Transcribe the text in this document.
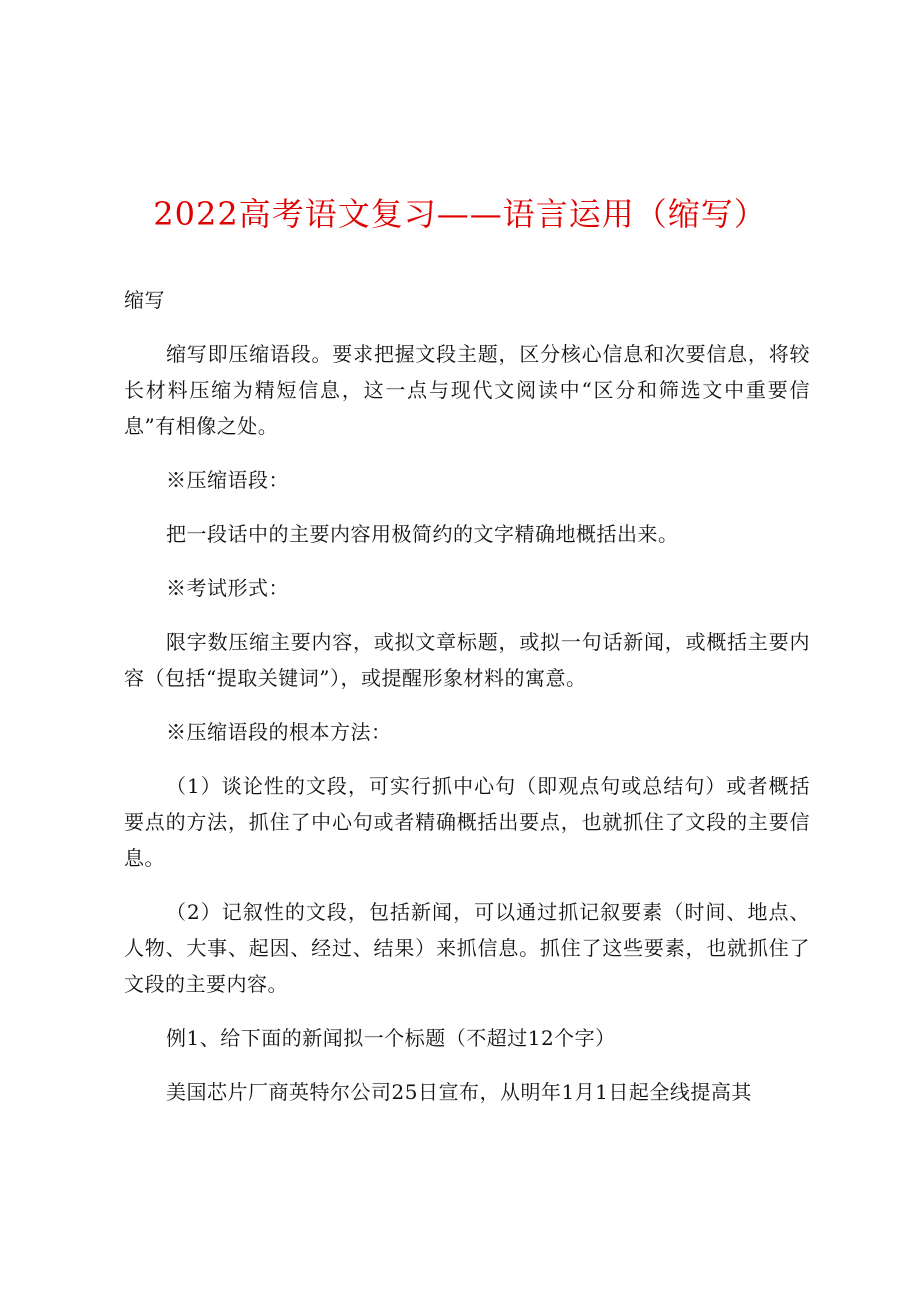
2022高考语文复习——语言运用（缩写）

缩写

缩写即压缩语段。要求把握文段主题，区分核心信息和次要信息，将较长材料压缩为精短信息，这一点与现代文阅读中“区分和筛选文中重要信息”有相像之处。

※压缩语段：

把一段话中的主要内容用极简约的文字精确地概括出来。

※考试形式：

限字数压缩主要内容，或拟文章标题，或拟一句话新闻，或概括主要内容（包括“提取关键词”），或提醒形象材料的寓意。

※压缩语段的根本方法：

（1）谈论性的文段，可实行抓中心句（即观点句或总结句）或者概括要点的方法，抓住了中心句或者精确概括出要点，也就抓住了文段的主要信息。

（2）记叙性的文段，包括新闻，可以通过抓记叙要素（时间、地点、人物、大事、起因、经过、结果）来抓信息。抓住了这些要素，也就抓住了文段的主要内容。

例1、给下面的新闻拟一个标题（不超过12个字）

美国芯片厂商英特尔公司25日宣布，从明年1月1日起全线提高其
